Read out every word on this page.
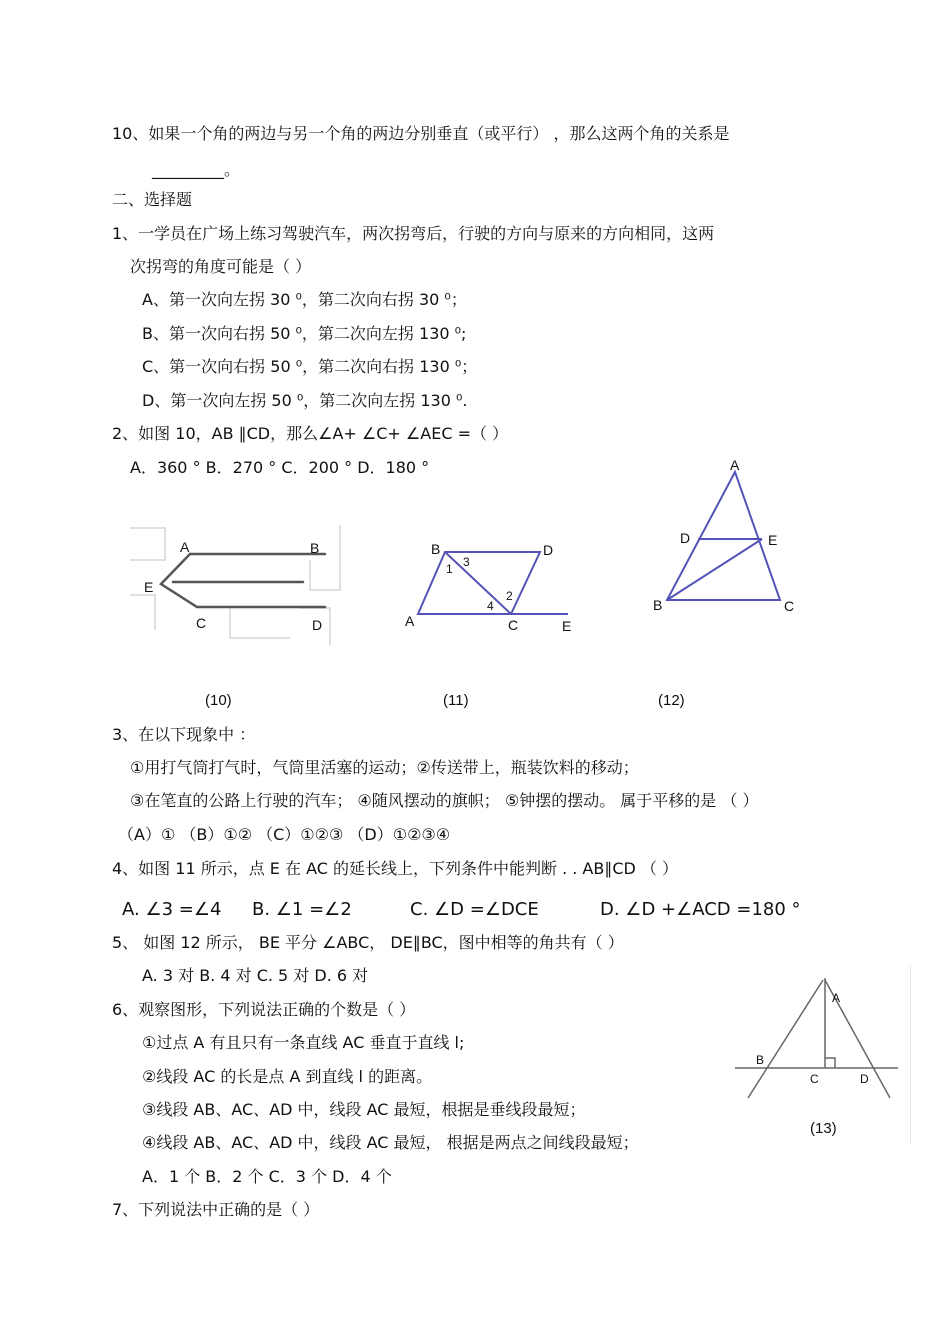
10、如果一个角的两边与另一个角的两边分别垂直（或平行） ，那么这两个角的关系是
_________。
二、选择题
1、一学员在广场上练习驾驶汽车，两次拐弯后，行驶的方向与原来的方向相同，这两
次拐弯的角度可能是（ ）
A、第一次向左拐 30 ⁰，第二次向右拐 30 ⁰；
B、第一次向右拐 50 ⁰，第二次向左拐 130 ⁰;
C、第一次向右拐 50 ⁰，第二次向右拐 130 ⁰；
D、第一次向左拐 50 ⁰，第二次向左拐 130 ⁰.
2、如图 10，AB ∥CD，那么∠A+ ∠C+ ∠AEC =（ ）
A．360 ° B．270 ° C．200 ° D．180 °
A	B
E
C	D
B	D
A	C	E
1 3
2
4
A
D	E
B	C
(10)	(11)	(12)
3、在以下现象中 ：
①用打气筒打气时，气筒里活塞的运动；②传送带上，瓶装饮料的移动；
③在笔直的公路上行驶的汽车； ④随风摆动的旗帜； ⑤钟摆的摆动。 属于平移的是 （ ）
（A）① （B）①② （C）①②③ （D）①②③④
4、如图 11 所示，点 E 在 AC 的延长线上，下列条件中能判断 . . AB∥CD （ ）
A. ∠3 =∠4 B. ∠1 =∠2	C. ∠D =∠DCE	D. ∠D +∠ACD =180 °
5、 如图 12 所示， BE 平分 ∠ABC， DE∥BC，图中相等的角共有（ ）
A. 3 对 B. 4 对 C. 5 对 D. 6 对
6、观察图形，下列说法正确的个数是（ ）
①过点 A 有且只有一条直线 AC 垂直于直线 l;
②线段 AC 的长是点 A 到直线 l 的距离。
③线段 AB、AC、AD 中，线段 AC 最短，根据是垂线段最短；
④线段 AB、AC、AD 中，线段 AC 最短， 根据是两点之间线段最短；
A．1 个 B．2 个 C．3 个 D．4 个
A
B
C	D
(13)
7、下列说法中正确的是（ ）
